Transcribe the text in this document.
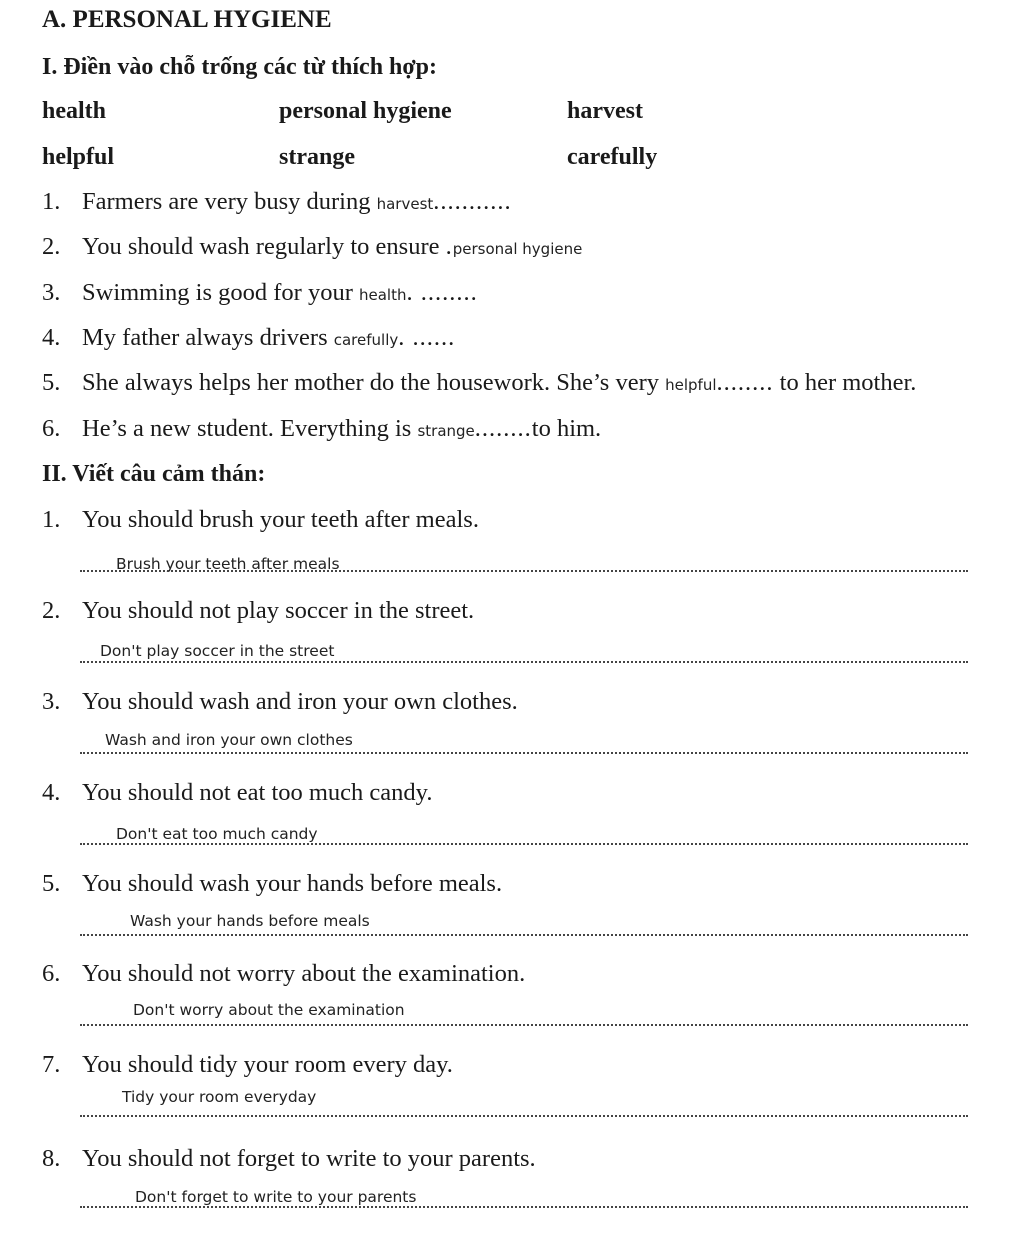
A. PERSONAL HYGIENE
I. Điền vào chỗ trống các từ thích hợp:
health	personal hygiene	harvest
helpful	strange	carefully
1. Farmers are very busy during harvest...........
2. You should wash regularly to ensure .personal hygiene
3. Swimming is good for your health. ........
4. My father always drivers carefully. ......
5. She always helps her mother do the housework. She’s very helpful........ to her mother.
6. He’s a new student. Everything is strange........to him.
II. Viết câu cảm thán:
1. You should brush your teeth after meals.
Brush your teeth after meals
2. You should not play soccer in the street.
Don't play soccer in the street
3. You should wash and iron your own clothes.
Wash and iron your own clothes
4. You should not eat too much candy.
Don't eat too much candy
5. You should wash your hands before meals.
Wash your hands before meals
6. You should not worry about the examination.
Don't worry about the examination
7. You should tidy your room every day.
Tidy your room everyday
8. You should not forget to write to your parents.
Don't forget to write to your parents
